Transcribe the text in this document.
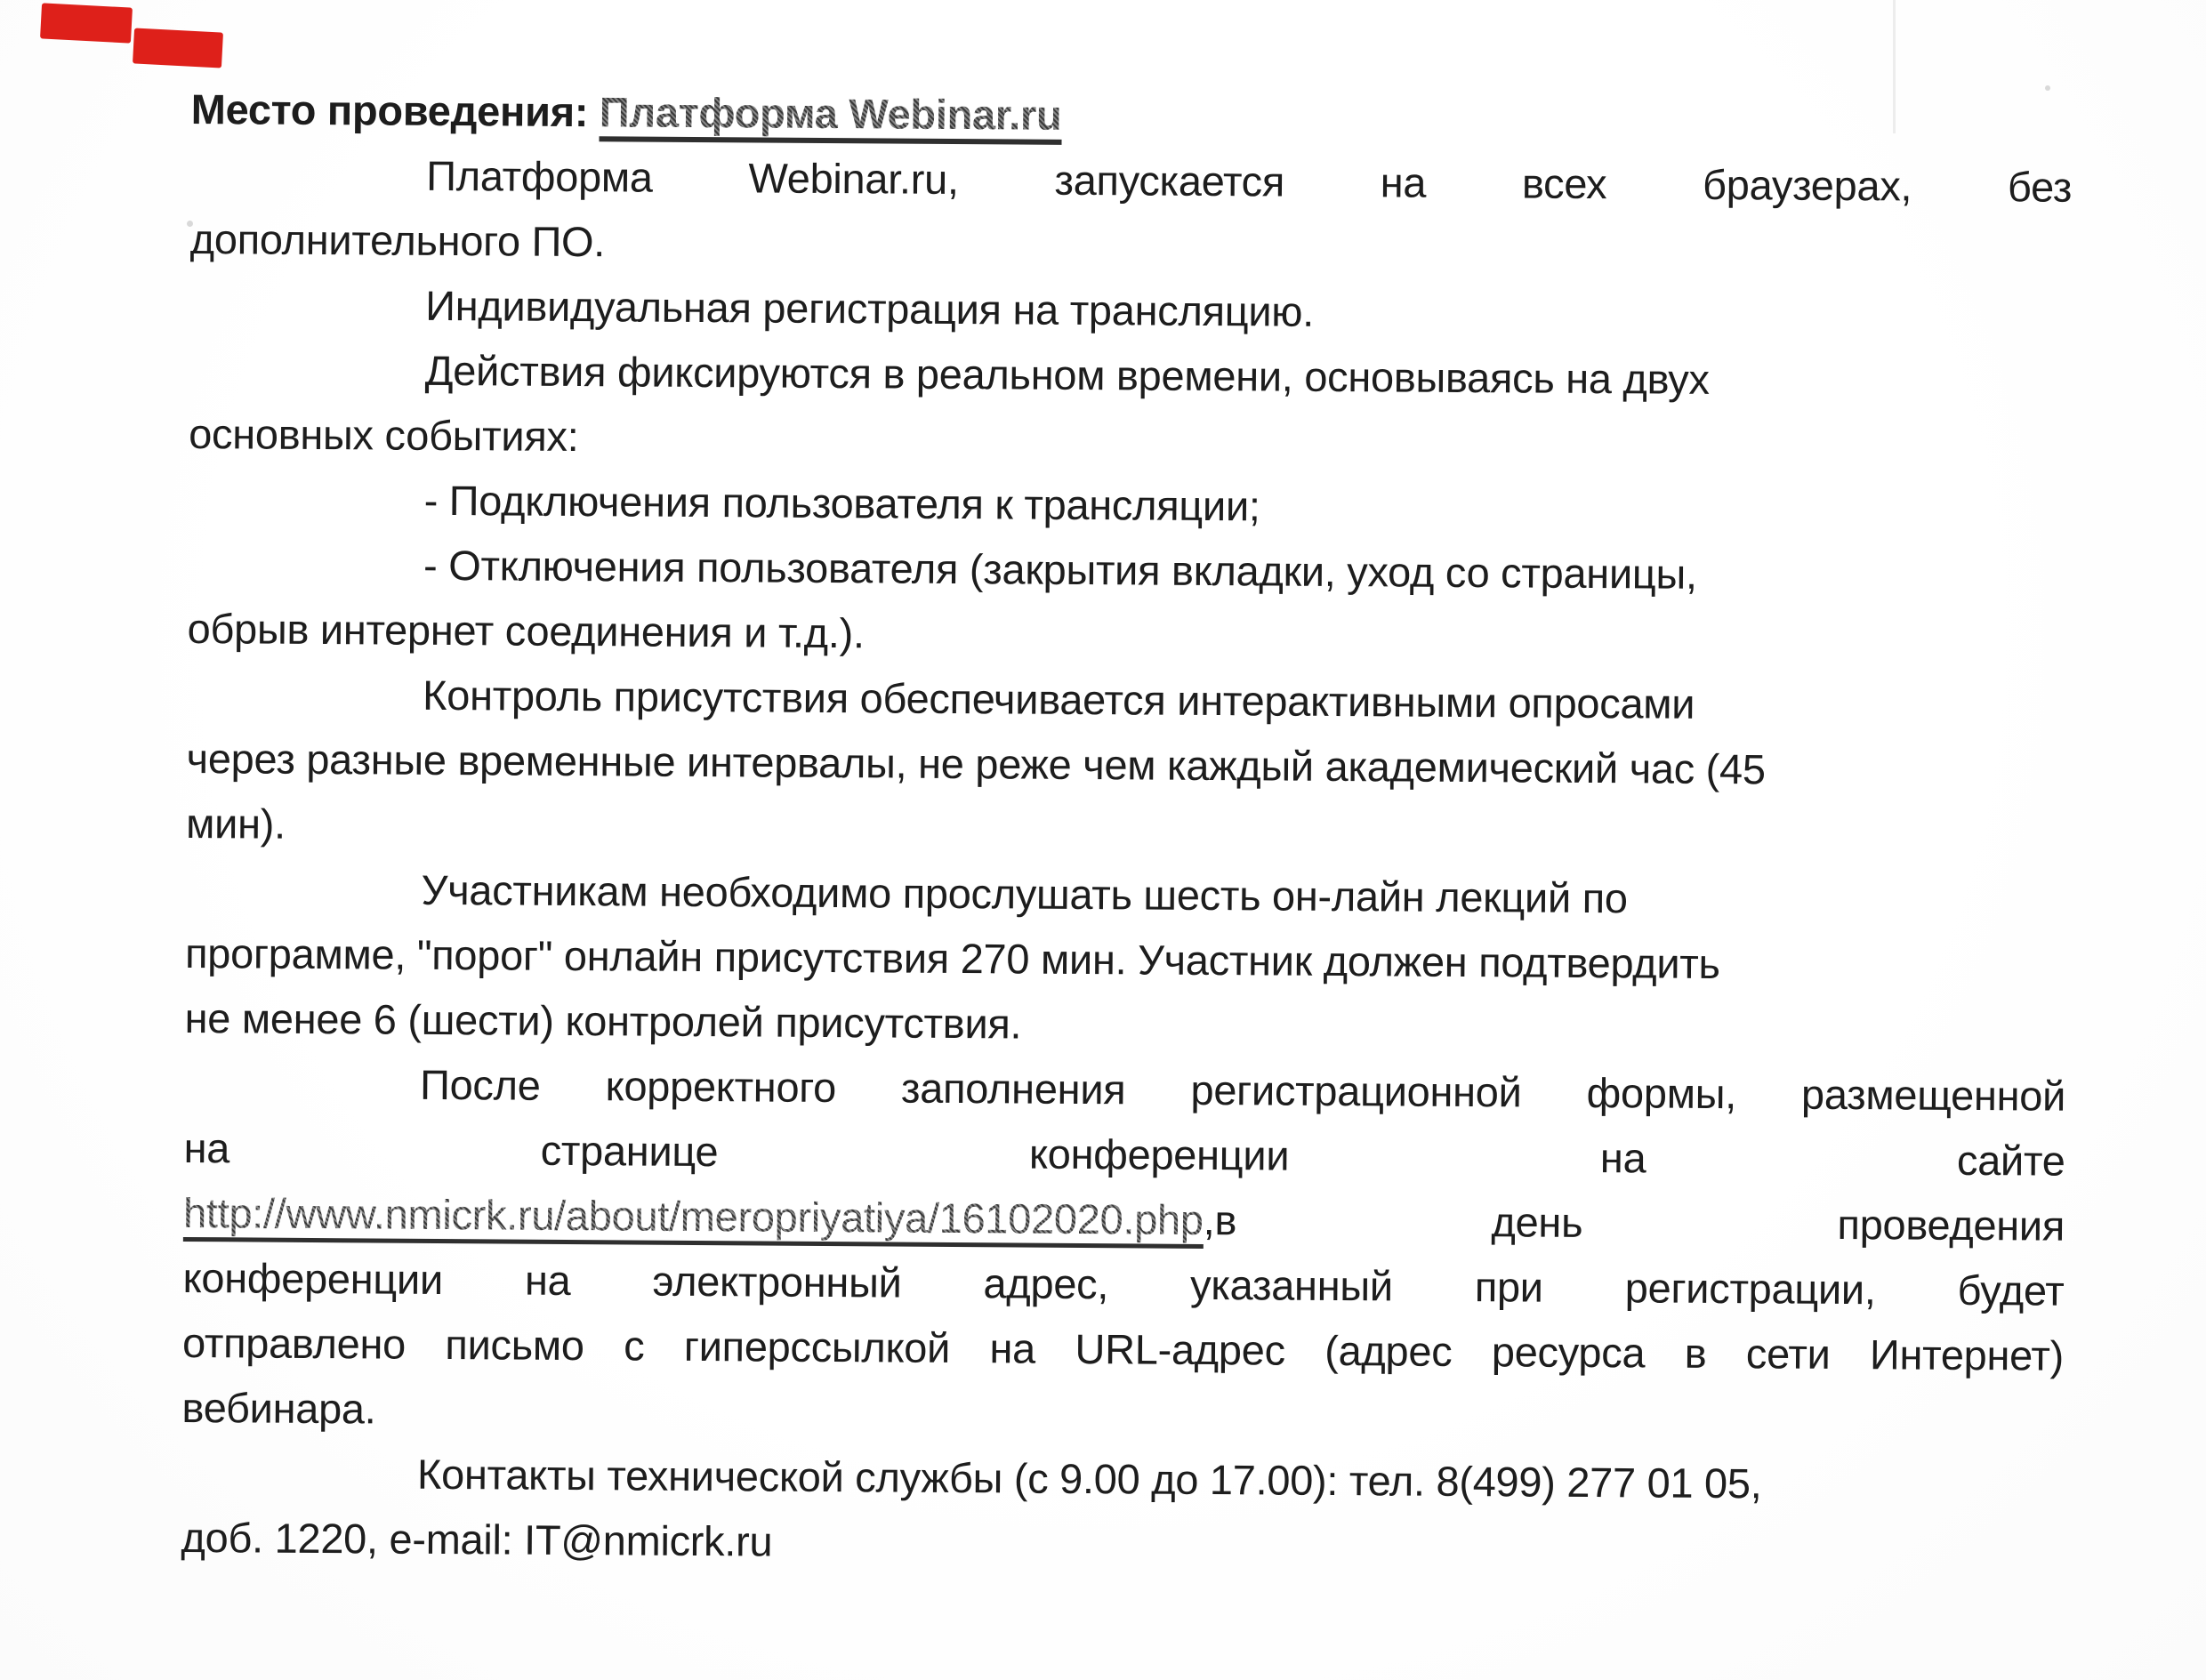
Место проведения: Платформа Webinar.ru
Платформа Webinar.ru, запускается на всех браузерах, без
дополнительного ПО.
Индивидуальная регистрация на трансляцию.
Действия фиксируются в реальном времени, основываясь на двух
основных событиях:
- Подключения пользователя к трансляции;
- Отключения пользователя (закрытия вкладки, уход со страницы,
обрыв интернет соединения и т.д.).
Контроль присутствия обеспечивается интерактивными опросами
через разные временные интервалы, не реже чем каждый академический час (45
мин).
Участникам необходимо прослушать шесть он-лайн лекций по
программе, "порог" онлайн присутствия 270 мин. Участник должен подтвердить
не менее 6 (шести) контролей присутствия.
После корректного заполнения регистрационной формы, размещенной
на странице конференции на сайте
http://www.nmicrk.ru/about/meropriyatiya/16102020.php,в день проведения
конференции на электронный адрес, указанный при регистрации, будет
отправлено письмо с гиперссылкой на URL-адрес (адрес ресурса в сети Интернет)
вебинара.
Контакты технической службы (с 9.00 до 17.00): тел. 8(499) 277 01 05,
доб. 1220, e-mail: IT@nmicrk.ru
